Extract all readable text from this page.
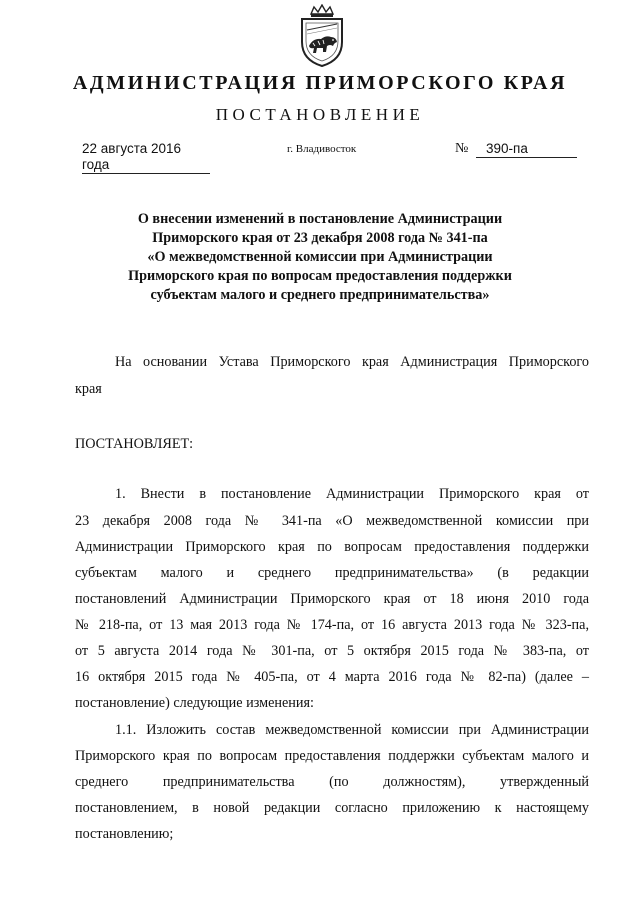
АДМИНИСТРАЦИЯ ПРИМОРСКОГО КРАЯ
ПОСТАНОВЛЕНИЕ
22 августа 2016 года
г. Владивосток	№	390-па
О внесении изменений в постановление Администрации
Приморского края от 23 декабря 2008 года № 341-па
«О межведомственной комиссии при Администрации
Приморского края по вопросам предоставления поддержки
субъектам малого и среднего предпринимательства»
На основании Устава Приморского края Администрация Приморского
края
ПОСТАНОВЛЯЕТ:
1. Внести в постановление Администрации Приморского края от
23 декабря 2008 года № 341-па «О межведомственной комиссии при
Администрации Приморского края по вопросам предоставления поддержки
субъектам малого и среднего предпринимательства» (в редакции
постановлений Администрации Приморского края от 18 июня 2010 года
№ 218-па, от 13 мая 2013 года № 174-па, от 16 августа 2013 года № 323-па,
от 5 августа 2014 года № 301-па, от 5 октября 2015 года № 383-па, от
16 октября 2015 года № 405-па, от 4 марта 2016 года № 82-па) (далее –
постановление) следующие изменения:
1.1. Изложить состав межведомственной комиссии при Администрации
Приморского края по вопросам предоставления поддержки субъектам малого и
среднего предпринимательства (по должностям), утвержденный
постановлением, в новой редакции согласно приложению к настоящему
постановлению;
